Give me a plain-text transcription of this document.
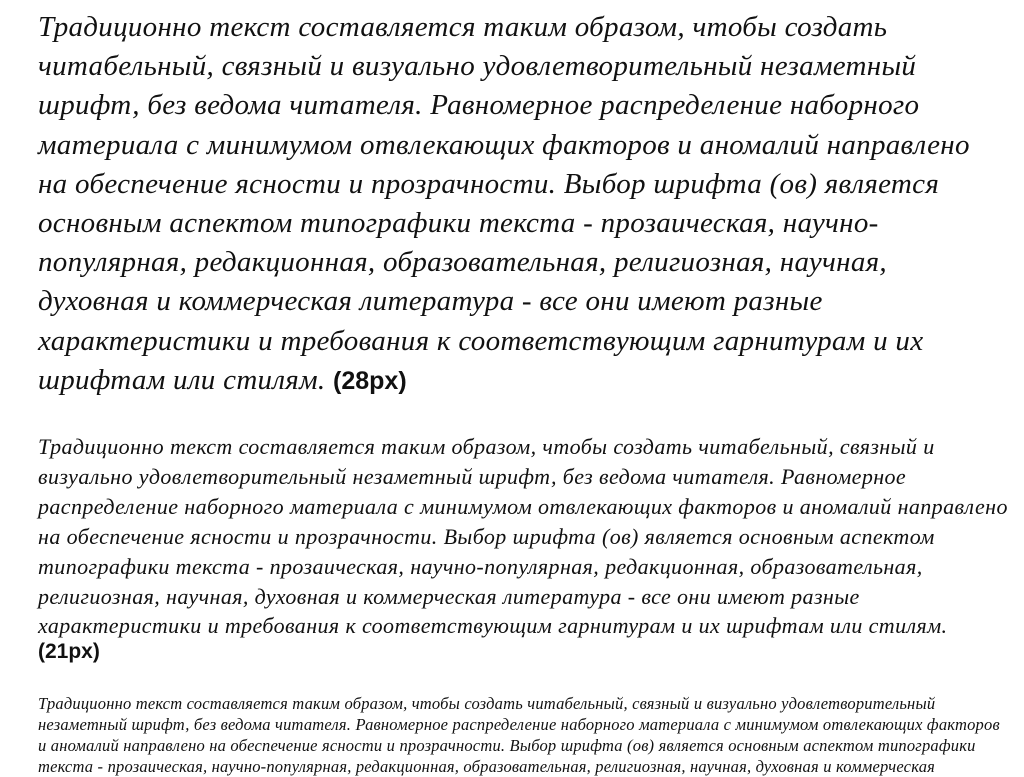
Традиционно текст составляется таким образом, чтобы создать
читабельный, связный и визуально удовлетворительный незаметный
шрифт, без ведома читателя. Равномерное распределение наборного
материала с минимумом отвлекающих факторов и аномалий направлено
на обеспечение ясности и прозрачности. Выбор шрифта (ов) является
основным аспектом типографики текста - прозаическая, научно-
популярная, редакционная, образовательная, религиозная, научная,
духовная и коммерческая литература - все они имеют разные
характеристики и требования к соответствующим гарнитурам и их
шрифтам или стилям. (28px)
Традиционно текст составляется таким образом, чтобы создать читабельный, связный и
визуально удовлетворительный незаметный шрифт, без ведома читателя. Равномерное
распределение наборного материала с минимумом отвлекающих факторов и аномалий направлено
на обеспечение ясности и прозрачности. Выбор шрифта (ов) является основным аспектом
типографики текста - прозаическая, научно-популярная, редакционная, образовательная,
религиозная, научная, духовная и коммерческая литература - все они имеют разные
характеристики и требования к соответствующим гарнитурам и их шрифтам или стилям.
(21px)
Традиционно текст составляется таким образом, чтобы создать читабельный, связный и визуально удовлетворительный
незаметный шрифт, без ведома читателя. Равномерное распределение наборного материала с минимумом отвлекающих факторов
и аномалий направлено на обеспечение ясности и прозрачности. Выбор шрифта (ов) является основным аспектом типографики
текста - прозаическая, научно-популярная, редакционная, образовательная, религиозная, научная, духовная и коммерческая
